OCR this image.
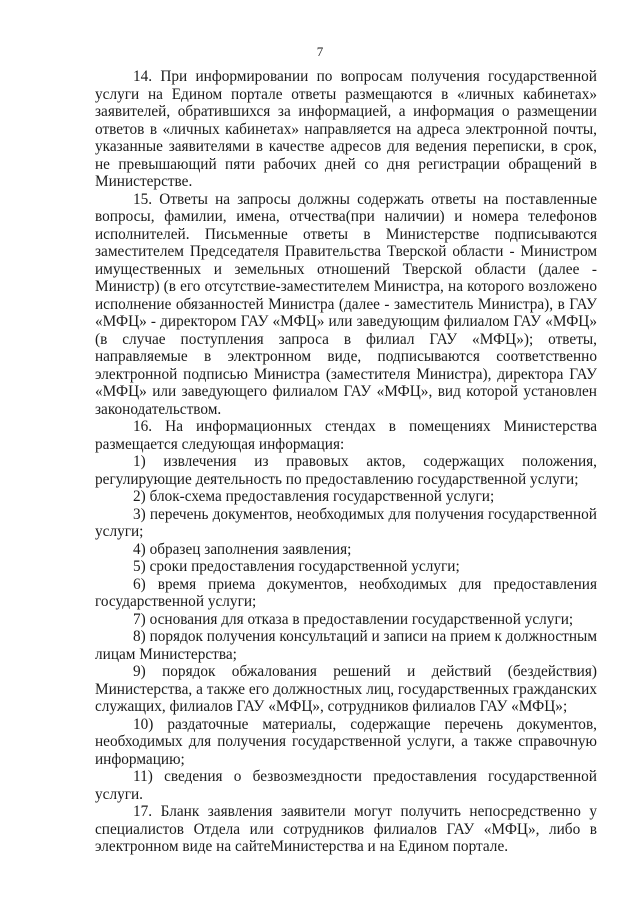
7

14. При информировании по вопросам получения государственной услуги на Едином портале ответы размещаются в «личных кабинетах» заявителей, обратившихся за информацией, а информация о размещении ответов в «личных кабинетах» направляется на адреса электронной почты, указанные заявителями в качестве адресов для ведения переписки, в срок, не превышающий пяти рабочих дней со дня регистрации обращений в Министерстве.

15. Ответы на запросы должны содержать ответы на поставленные вопросы, фамилии, имена, отчества(при наличии) и номера телефонов исполнителей. Письменные ответы в Министерстве подписываются заместителем Председателя Правительства Тверской области - Министром имущественных и земельных отношений Тверской области (далее - Министр) (в его отсутствие-заместителем Министра, на которого возложено исполнение обязанностей Министра (далее - заместитель Министра), в ГАУ «МФЦ» - директором ГАУ «МФЦ» или заведующим филиалом ГАУ «МФЦ» (в случае поступления запроса в филиал ГАУ «МФЦ»); ответы, направляемые в электронном виде, подписываются соответственно электронной подписью Министра (заместителя Министра), директора ГАУ «МФЦ» или заведующего филиалом ГАУ «МФЦ», вид которой установлен законодательством.

16. На информационных стендах в помещениях Министерства размещается следующая информация:

1) извлечения из правовых актов, содержащих положения, регулирующие деятельность по предоставлению государственной услуги;

2) блок-схема предоставления государственной услуги;

3) перечень документов, необходимых для получения государственной услуги;

4) образец заполнения заявления;

5) сроки предоставления государственной услуги;

6) время приема документов, необходимых для предоставления государственной услуги;

7) основания для отказа в предоставлении государственной услуги;

8) порядок получения консультаций и записи на прием к должностным лицам Министерства;

9) порядок обжалования решений и действий (бездействия) Министерства, а также его должностных лиц, государственных гражданских служащих, филиалов ГАУ «МФЦ», сотрудников филиалов ГАУ «МФЦ»;

10) раздаточные материалы, содержащие перечень документов, необходимых для получения государственной услуги, а также справочную информацию;

11) сведения о безвозмездности предоставления государственной услуги.

17. Бланк заявления заявители могут получить непосредственно у специалистов Отдела или сотрудников филиалов ГАУ «МФЦ», либо в электронном виде на сайтеМинистерства и на Едином портале.
